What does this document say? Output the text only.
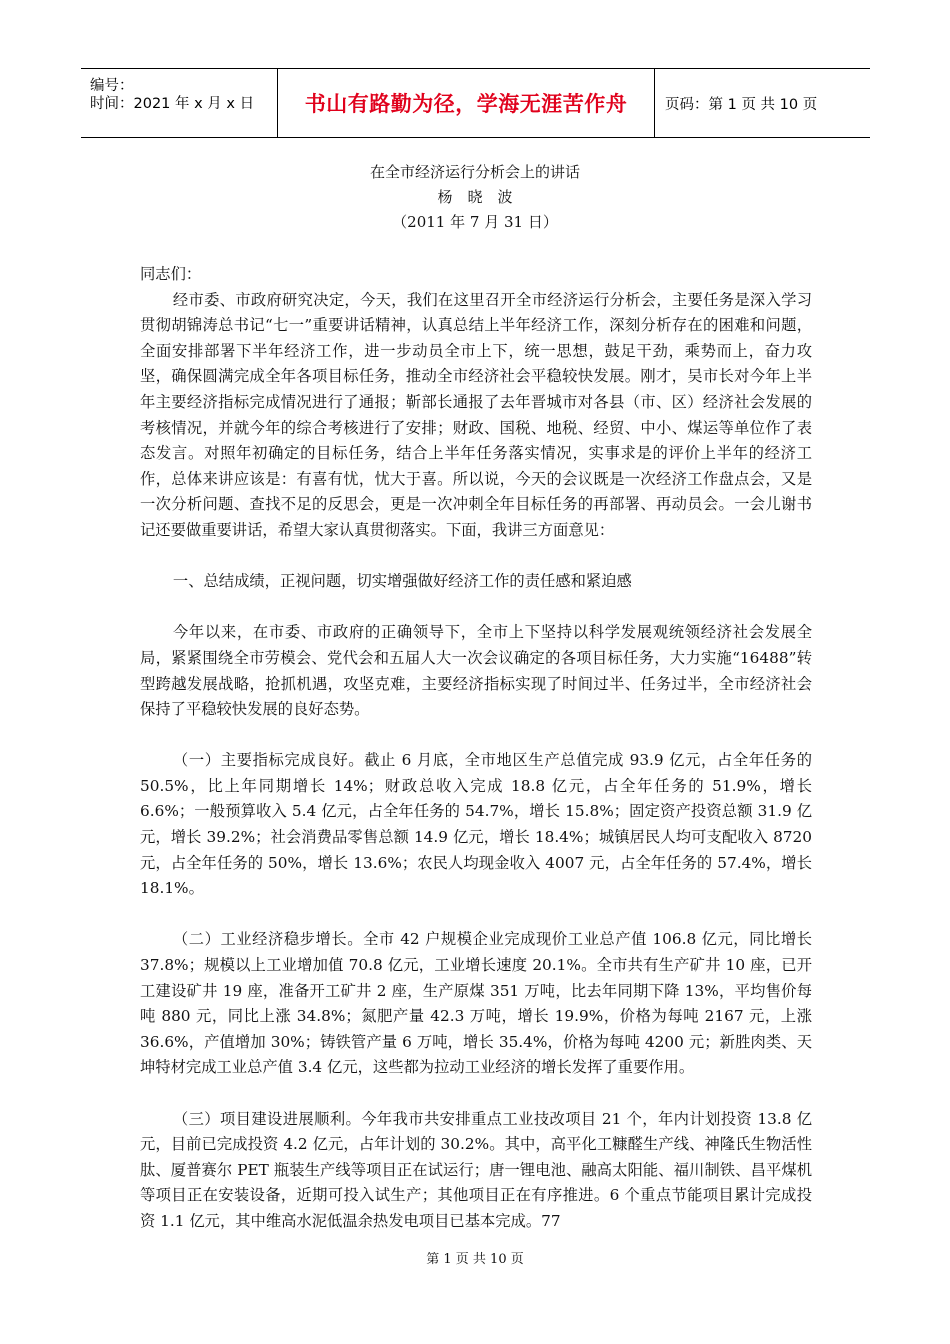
编号：
时间：2021 年 x 月 x 日 书山有路勤为径，学海无涯苦作舟	页码：第 1 页 共 10 页
在全市经济运行分析会上的讲话
杨　晓　波
（2011 年 7 月 31 日）

同志们：

经市委、市政府研究决定，今天，我们在这里召开全市经济运行分析会，主要任务是深入学习贯彻胡锦涛总书记“七一”重要讲话精神，认真总结上半年经济工作，深刻分析存在的困难和问题，全面安排部署下半年经济工作，进一步动员全市上下，统一思想，鼓足干劲，乘势而上，奋力攻坚，确保圆满完成全年各项目标任务，推动全市经济社会平稳较快发展。刚才，吴市长对今年上半年主要经济指标完成情况进行了通报；靳部长通报了去年晋城市对各县（市、区）经济社会发展的考核情况，并就今年的综合考核进行了安排；财政、国税、地税、经贸、中小、煤运等单位作了表态发言。对照年初确定的目标任务，结合上半年任务落实情况，实事求是的评价上半年的经济工作，总体来讲应该是：有喜有忧，忧大于喜。所以说，今天的会议既是一次经济工作盘点会，又是一次分析问题、查找不足的反思会，更是一次冲刺全年目标任务的再部署、再动员会。一会儿谢书记还要做重要讲话，希望大家认真贯彻落实。下面，我讲三方面意见：

一、总结成绩，正视问题，切实增强做好经济工作的责任感和紧迫感

今年以来，在市委、市政府的正确领导下，全市上下坚持以科学发展观统领经济社会发展全局，紧紧围绕全市劳模会、党代会和五届人大一次会议确定的各项目标任务，大力实施“16488”转型跨越发展战略，抢抓机遇，攻坚克难，主要经济指标实现了时间过半、任务过半，全市经济社会保持了平稳较快发展的良好态势。

（一）主要指标完成良好。截止 6 月底，全市地区生产总值完成 93.9 亿元，占全年任务的 50.5%，比上年同期增长 14%；财政总收入完成 18.8 亿元，占全年任务的 51.9%，增长 6.6%；一般预算收入 5.4 亿元，占全年任务的 54.7%，增长 15.8%；固定资产投资总额 31.9 亿元，增长 39.2%；社会消费品零售总额 14.9 亿元，增长 18.4%；城镇居民人均可支配收入 8720 元，占全年任务的 50%，增长 13.6%；农民人均现金收入 4007 元，占全年任务的 57.4%，增长 18.1%。

（二）工业经济稳步增长。全市 42 户规模企业完成现价工业总产值 106.8 亿元，同比增长 37.8%；规模以上工业增加值 70.8 亿元，工业增长速度 20.1%。全市共有生产矿井 10 座，已开工建设矿井 19 座，准备开工矿井 2 座，生产原煤 351 万吨，比去年同期下降 13%，平均售价每吨 880 元，同比上涨 34.8%；氮肥产量 42.3 万吨，增长 19.9%，价格为每吨 2167 元，上涨 36.6%，产值增加 30%；铸铁管产量 6 万吨，增长 35.4%，价格为每吨 4200 元；新胜肉类、天坤特材完成工业总产值 3.4 亿元，这些都为拉动工业经济的增长发挥了重要作用。

（三）项目建设进展顺利。今年我市共安排重点工业技改项目 21 个，年内计划投资 13.8 亿元，目前已完成投资 4.2 亿元，占年计划的 30.2%。其中，高平化工糠醛生产线、神隆氏生物活性肽、厦普赛尔 PET 瓶装生产线等项目正在试运行；唐一锂电池、融高太阳能、福川制铁、昌平煤机等项目正在安装设备，近期可投入试生产；其他项目正在有序推进。6 个重点节能项目累计完成投资 1.1 亿元，其中维高水泥低温余热发电项目已基本完成。77

第 1 页 共 10 页
